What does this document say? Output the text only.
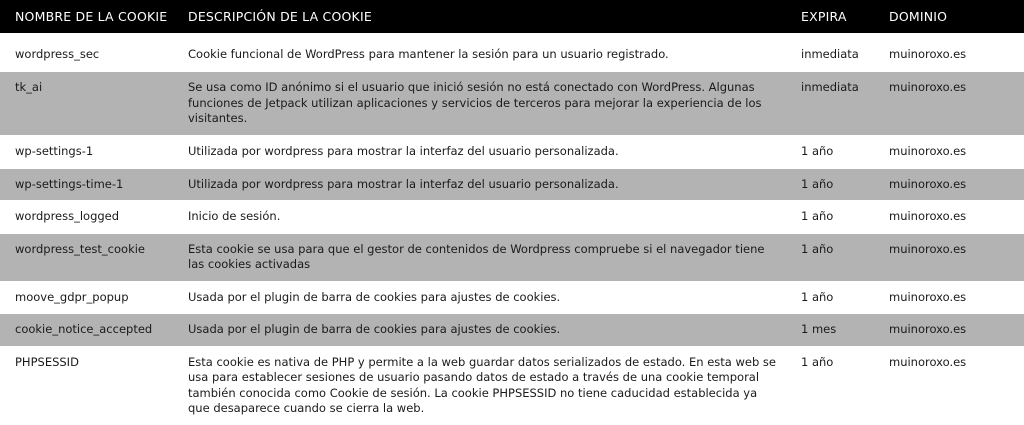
NOMBRE DE LA COOKIE	DESCRIPCIÓN DE LA COOKIE	EXPIRA	DOMINIO
wordpress_sec	Cookie funcional de WordPress para mantener la sesión para un usuario registrado.	inmediata	muinoroxo.es
tk_ai	Se usa como ID anónimo si el usuario que inició sesión no está conectado con WordPress. Algunas funciones de Jetpack utilizan aplicaciones y servicios de terceros para mejorar la experiencia de los visitantes.	inmediata	muinoroxo.es
wp-settings-1	Utilizada por wordpress para mostrar la interfaz del usuario personalizada.	1 año	muinoroxo.es
wp-settings-time-1	Utilizada por wordpress para mostrar la interfaz del usuario personalizada.	1 año	muinoroxo.es
wordpress_logged	Inicio de sesión.	1 año	muinoroxo.es
wordpress_test_cookie	Esta cookie se usa para que el gestor de contenidos de Wordpress compruebe si el navegador tiene las cookies activadas	1 año	muinoroxo.es
moove_gdpr_popup	Usada por el plugin de barra de cookies para ajustes de cookies.	1 año	muinoroxo.es
cookie_notice_accepted	Usada por el plugin de barra de cookies para ajustes de cookies.	1 mes	muinoroxo.es
PHPSESSID	Esta cookie es nativa de PHP y permite a la web guardar datos serializados de estado. En esta web se usa para establecer sesiones de usuario pasando datos de estado a través de una cookie temporal también conocida como Cookie de sesión. La cookie PHPSESSID no tiene caducidad establecida ya que desaparece cuando se cierra la web.	1 año	muinoroxo.es
